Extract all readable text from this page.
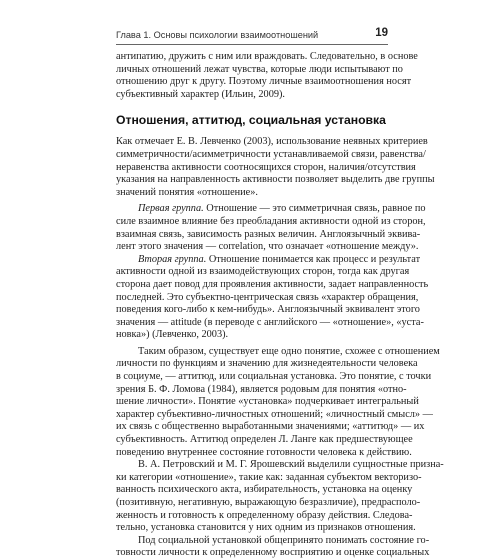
Глава 1. Основы психологии взаимоотношений	19
антипатию, дружить с ним или враждовать. Следовательно, в основе
личных отношений лежат чувства, которые люди испытывают по
отношению друг к другу. Поэтому личные взаимоотношения носят
субъективный характер (Ильин, 2009).
Отношения, аттитюд, социальная установка
Как отмечает Е. В. Левченко (2003), использование неявных критериев
симметричности/асимметричности устанавливаемой связи, равенства/
неравенства активности соотносящихся сторон, наличия/отсутствия
указания на направленность активности позволяет выделить две группы
значений понятия «отношение».
Первая группа. Отношение — это симметричная связь, равное по
силе взаимное влияние без преобладания активности одной из сторон,
взаимная связь, зависимость разных величин. Англоязычный эквива-
лент этого значения — correlation, что означает «отношение между».
Вторая группа. Отношение понимается как процесс и результат
активности одной из взаимодействующих сторон, тогда как другая
сторона дает повод для проявления активности, задает направленность
последней. Это субъектно-центрическая связь «характер обращения,
поведения кого-либо к кем-нибудь». Англоязычный эквивалент этого
значения — attitude (в переводе с английского — «отношение», «уста-
новка») (Левченко, 2003).
Таким образом, существует еще одно понятие, схожее с отношением
личности по функциям и значению для жизнедеятельности человека
в социуме, — аттитюд, или социальная установка. Это понятие, с точки
зрения Б. Ф. Ломова (1984), является родовым для понятия «отно-
шение личности». Понятие «установка» подчеркивает интегральный
характер субъективно-личностных отношений; «личностный смысл» —
их связь с общественно выработанными значениями; «аттитюд» — их
субъективность. Аттитюд определен Л. Ланге как предшествующее
поведению внутреннее состояние готовности человека к действию.
В. А. Петровский и М. Г. Ярошевский выделили сущностные призна-
ки категории «отношение», такие как: заданная субъектом векторизо-
ванность психического акта, избирательность, установка на оценку
(позитивную, негативную, выражающую безразличие), предрасполо-
женность и готовность к определенному образу действия. Следова-
тельно, установка становится у них одним из признаков отношения.
Под социальной установкой общепринято понимать состояние го-
товности личности к определенному восприятию и оценке социальных
